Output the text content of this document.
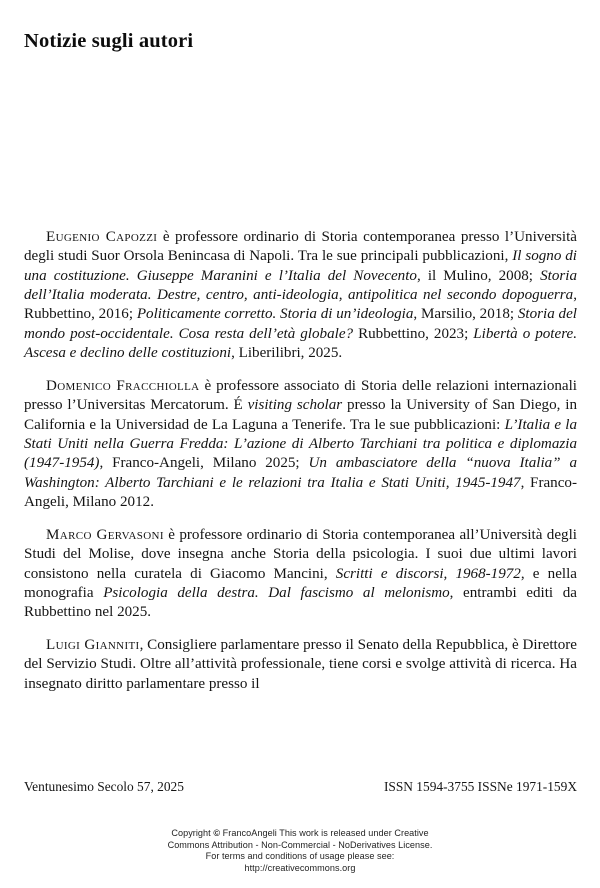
Notizie sugli autori

Eugenio Capozzi è professore ordinario di Storia contemporanea presso l’Università degli studi Suor Orsola Benincasa di Napoli. Tra le sue principali pubblicazioni, Il sogno di una costituzione. Giuseppe Maranini e l’Italia del Novecento, il Mulino, 2008; Storia dell’Italia moderata. Destre, centro, anti-ideologia, antipolitica nel secondo dopoguerra, Rubbettino, 2016; Politicamente corretto. Storia di un’ideologia, Marsilio, 2018; Storia del mondo post-occidentale. Cosa resta dell’età globale? Rubbettino, 2023; Libertà o potere. Ascesa e declino delle costituzioni, Liberilibri, 2025.

Domenico Fracchiolla è professore associato di Storia delle relazioni internazionali presso l’Universitas Mercatorum. É visiting scholar presso la University of San Diego, in California e la Universidad de La Laguna a Tenerife. Tra le sue pubblicazioni: L’Italia e la Stati Uniti nella Guerra Fredda: L’azione di Alberto Tarchiani tra politica e diplomazia (1947-1954), Franco-Angeli, Milano 2025; Un ambasciatore della “nuova Italia” a Washington: Alberto Tarchiani e le relazioni tra Italia e Stati Uniti, 1945-1947, Franco-Angeli, Milano 2012.

Marco Gervasoni è professore ordinario di Storia contemporanea all’Università degli Studi del Molise, dove insegna anche Storia della psicologia. I suoi due ultimi lavori consistono nella curatela di Giacomo Mancini, Scritti e discorsi, 1968-1972, e nella monografia Psicologia della destra. Dal fascismo al melonismo, entrambi editi da Rubbettino nel 2025.

Luigi Gianniti, Consigliere parlamentare presso il Senato della Repubblica, è Direttore del Servizio Studi. Oltre all’attività professionale, tiene corsi e svolge attività di ricerca. Ha insegnato diritto parlamentare presso il

Ventunesimo Secolo 57, 2025	ISSN 1594-3755 ISSNe 1971-159X
Copyright © FrancoAngeli This work is released under Creative
Commons Attribution - Non-Commercial - NoDerivatives License.
For terms and conditions of usage please see:
http://creativecommons.org
